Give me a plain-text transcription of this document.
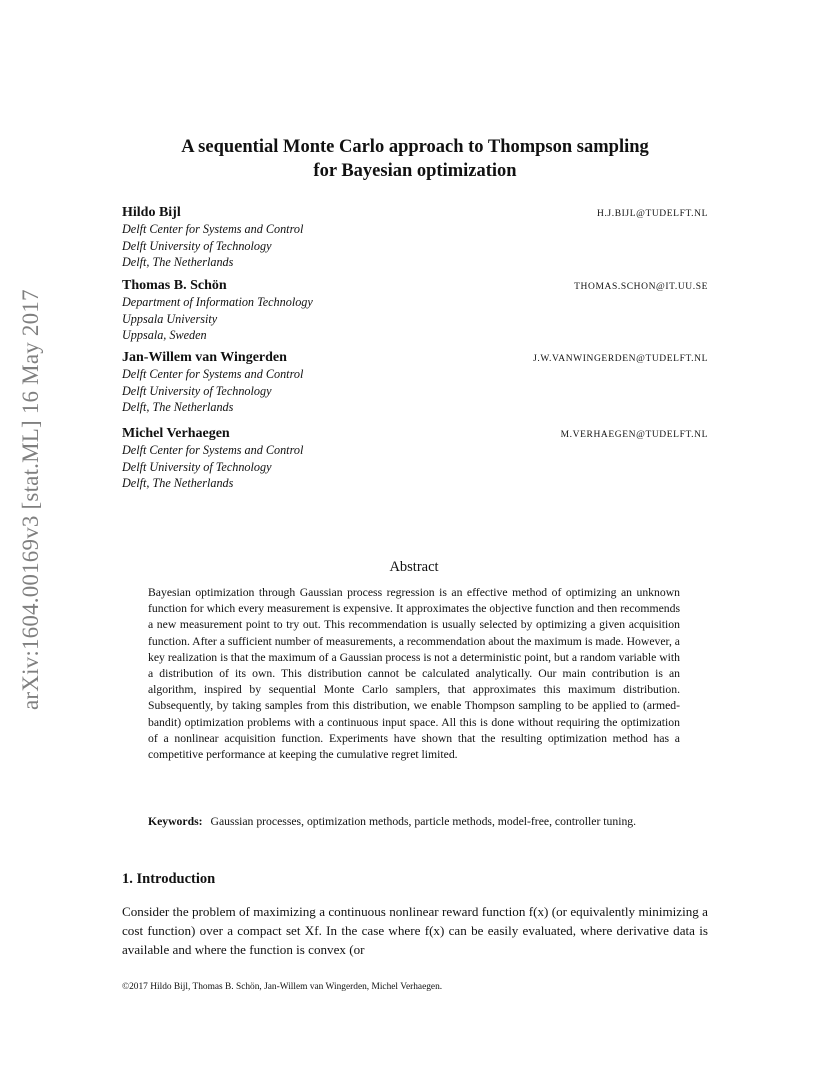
arXiv:1604.00169v3 [stat.ML] 16 May 2017
A sequential Monte Carlo approach to Thompson sampling
for Bayesian optimization
Hildo Bijl	H.J.BIJL@TUDELFT.NL
Delft Center for Systems and Control
Delft University of Technology
Delft, The Netherlands
Thomas B. Schön	THOMAS.SCHON@IT.UU.SE
Department of Information Technology
Uppsala University
Uppsala, Sweden
Jan-Willem van Wingerden	J.W.VANWINGERDEN@TUDELFT.NL
Delft Center for Systems and Control
Delft University of Technology
Delft, The Netherlands
Michel Verhaegen	M.VERHAEGEN@TUDELFT.NL
Delft Center for Systems and Control
Delft University of Technology
Delft, The Netherlands
Abstract
Bayesian optimization through Gaussian process regression is an effective method of optimizing an unknown function for which every measurement is expensive. It approximates the objective function and then recommends a new measurement point to try out. This recommendation is usually selected by optimizing a given acquisition function. After a sufficient number of measurements, a recommendation about the maximum is made. However, a key realization is that the maximum of a Gaussian process is not a deterministic point, but a random variable with a distribution of its own. This distribution cannot be calculated analytically. Our main contribution is an algorithm, inspired by sequential Monte Carlo samplers, that approximates this maximum distribution. Subsequently, by taking samples from this distribution, we enable Thompson sampling to be applied to (armed-bandit) optimization problems with a continuous input space. All this is done without requiring the optimization of a nonlinear acquisition function. Experiments have shown that the resulting optimization method has a competitive performance at keeping the cumulative regret limited.
Keywords: Gaussian processes, optimization methods, particle methods, model-free, controller tuning.
1. Introduction
Consider the problem of maximizing a continuous nonlinear reward function f(x) (or equivalently minimizing a cost function) over a compact set Xf. In the case where f(x) can be easily evaluated, where derivative data is available and where the function is convex (or
©2017 Hildo Bijl, Thomas B. Schön, Jan-Willem van Wingerden, Michel Verhaegen.
